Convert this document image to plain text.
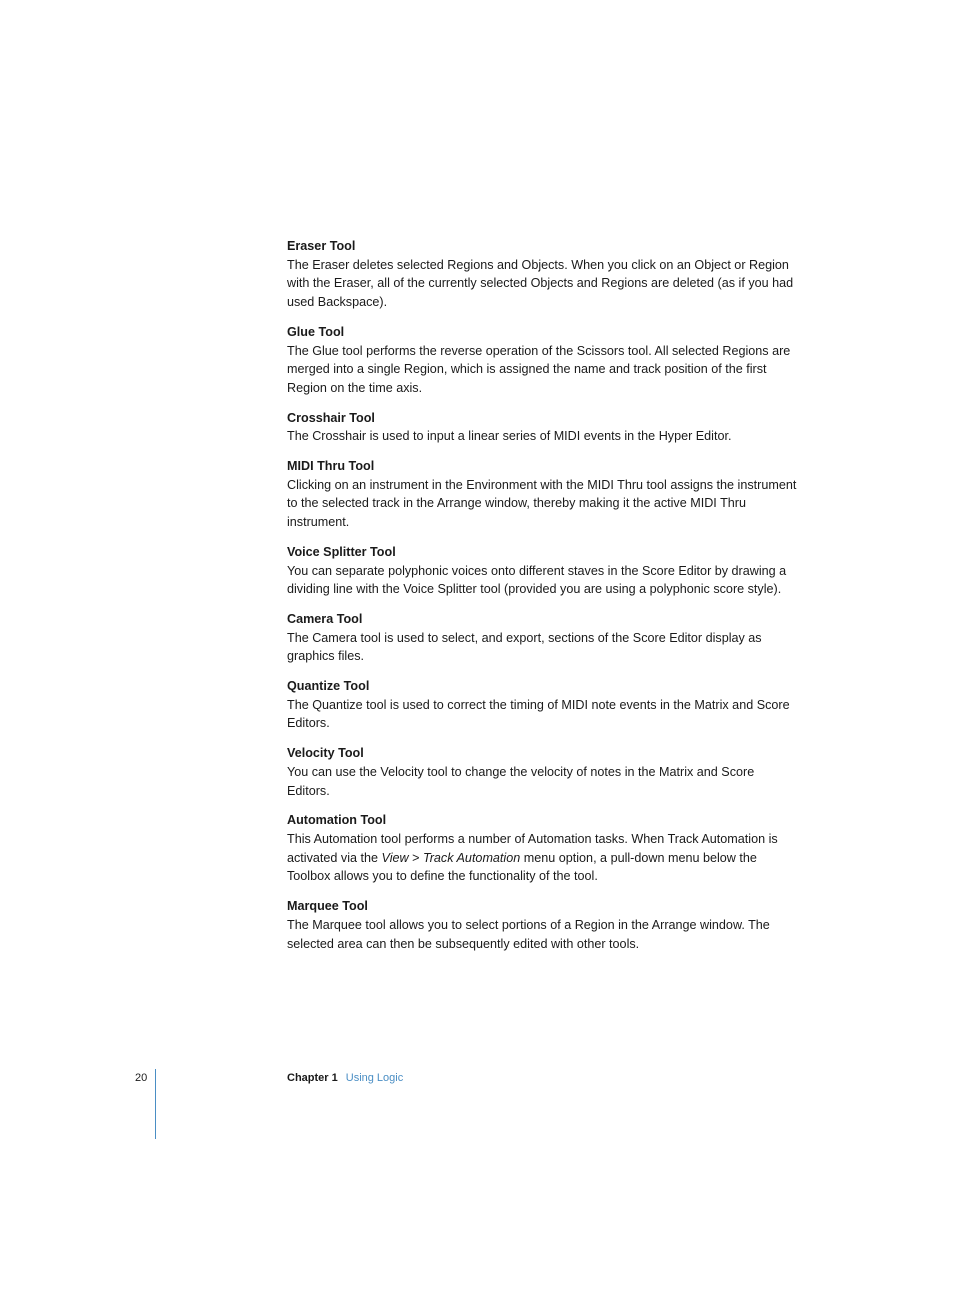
Eraser Tool

The Eraser deletes selected Regions and Objects. When you click on an Object or Region with the Eraser, all of the currently selected Objects and Regions are deleted (as if you had used Backspace).

Glue Tool

The Glue tool performs the reverse operation of the Scissors tool. All selected Regions are merged into a single Region, which is assigned the name and track position of the first Region on the time axis.

Crosshair Tool

The Crosshair is used to input a linear series of MIDI events in the Hyper Editor.

MIDI Thru Tool

Clicking on an instrument in the Environment with the MIDI Thru tool assigns the instrument to the selected track in the Arrange window, thereby making it the active MIDI Thru instrument.

Voice Splitter Tool

You can separate polyphonic voices onto different staves in the Score Editor by drawing a dividing line with the Voice Splitter tool (provided you are using a polyphonic score style).

Camera Tool

The Camera tool is used to select, and export, sections of the Score Editor display as graphics files.

Quantize Tool

The Quantize tool is used to correct the timing of MIDI note events in the Matrix and Score Editors.

Velocity Tool

You can use the Velocity tool to change the velocity of notes in the Matrix and Score Editors.

Automation Tool

This Automation tool performs a number of Automation tasks. When Track Automation is activated via the View > Track Automation menu option, a pull-down menu below the Toolbox allows you to define the functionality of the tool.

Marquee Tool

The Marquee tool allows you to select portions of a Region in the Arrange window. The selected area can then be subsequently edited with other tools.

20	Chapter 1 Using Logic
